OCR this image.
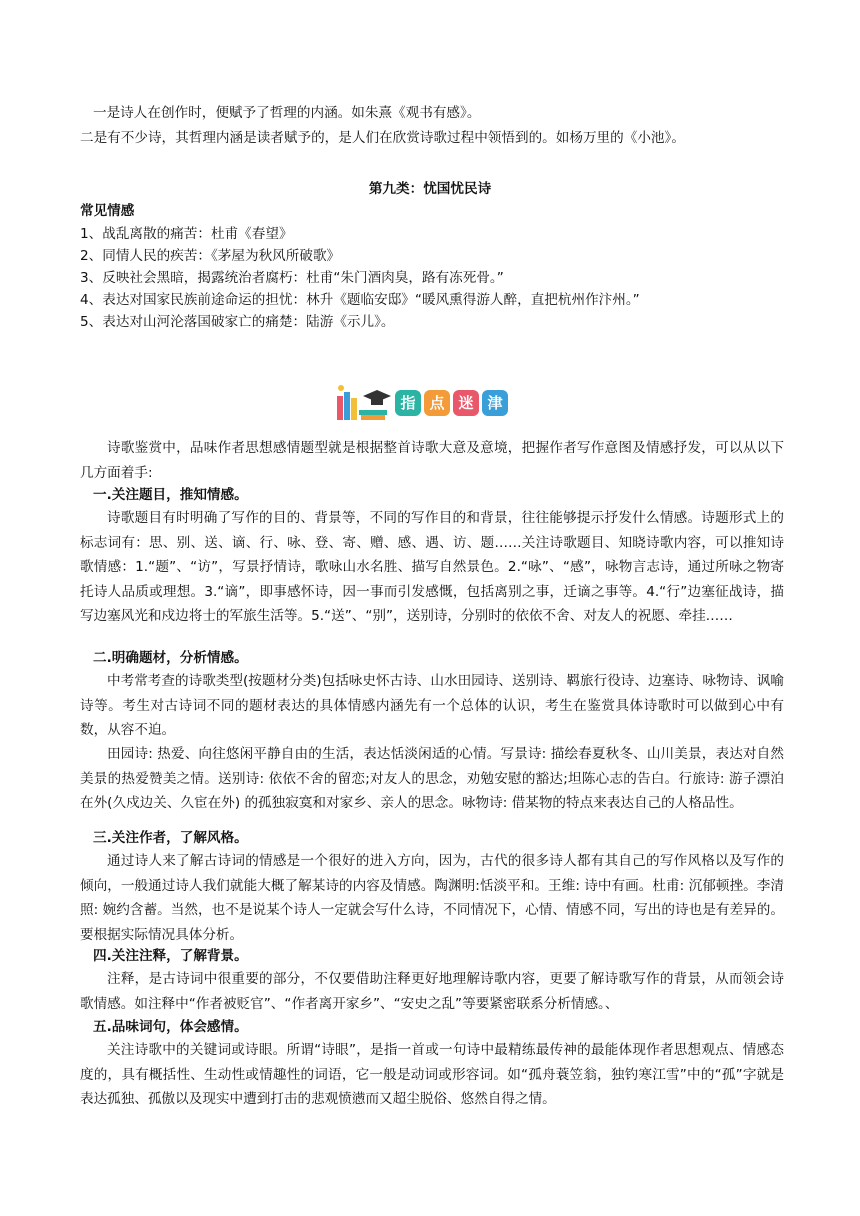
一是诗人在创作时，便赋予了哲理的内涵。如朱熹《观书有感》。
二是有不少诗，其哲理内涵是读者赋予的，是人们在欣赏诗歌过程中领悟到的。如杨万里的《小池》。
第九类：忧国忧民诗
常见情感
1、战乱离散的痛苦：杜甫《春望》
2、同情人民的疾苦：《茅屋为秋风所破歌》
3、反映社会黑暗，揭露统治者腐朽：杜甫“朱门酒肉臭，路有冻死骨。”
4、表达对国家民族前途命运的担忧：林升《题临安邸》“暖风熏得游人醉，直把杭州作汴州。”
5、表达对山河沦落国破家亡的痛楚：陆游《示儿》。
指 点 迷 津
诗歌鉴赏中，品味作者思想感情题型就是根据整首诗歌大意及意境，把握作者写作意图及情感抒发，可以从以下几方面着手:
一.关注题目，推知情感。
诗歌题目有时明确了写作的目的、背景等，不同的写作目的和背景，往往能够提示抒发什么情感。诗题形式上的标志词有：思、别、送、谪、行、咏、登、寄、赠、感、遇、访、题……关注诗歌题目、知晓诗歌内容，可以推知诗歌情感：1.“题”、“访”，写景抒情诗，歌咏山水名胜、描写自然景色。2.“咏”、“感”，咏物言志诗，通过所咏之物寄托诗人品质或理想。3.“谪”，即事感怀诗，因一事而引发感慨，包括离别之事，迁谪之事等。4.“行”边塞征战诗，描写边塞风光和戍边将士的军旅生活等。5.“送”、“别”，送别诗，分别时的依依不舍、对友人的祝愿、牵挂……
二.明确题材，分析情感。
中考常考查的诗歌类型(按题材分类)包括咏史怀古诗、山水田园诗、送别诗、羁旅行役诗、边塞诗、咏物诗、讽喻诗等。考生对古诗词不同的题材表达的具体情感内涵先有一个总体的认识，考生在鉴赏具体诗歌时可以做到心中有数，从容不迫。
田园诗: 热爱、向往悠闲平静自由的生活，表达恬淡闲适的心情。写景诗: 描绘春夏秋冬、山川美景，表达对自然美景的热爱赞美之情。送别诗: 依依不舍的留恋;对友人的思念，劝勉安慰的豁达;坦陈心志的告白。行旅诗: 游子漂泊在外(久戍边关、久宦在外) 的孤独寂寞和对家乡、亲人的思念。咏物诗: 借某物的特点来表达自己的人格品性。
三.关注作者，了解风格。
通过诗人来了解古诗词的情感是一个很好的进入方向，因为，古代的很多诗人都有其自己的写作风格以及写作的倾向，一般通过诗人我们就能大概了解某诗的内容及情感。陶渊明:恬淡平和。王维: 诗中有画。杜甫: 沉郁顿挫。李清照: 婉约含蓄。当然，也不是说某个诗人一定就会写什么诗，不同情况下，心情、情感不同，写出的诗也是有差异的。要根据实际情况具体分析。
四.关注注释，了解背景。
注释，是古诗词中很重要的部分，不仅要借助注释更好地理解诗歌内容，更要了解诗歌写作的背景，从而领会诗歌情感。如注释中“作者被贬官”、“作者离开家乡”、“安史之乱”等要紧密联系分析情感。、
五.品味词句，体会感情。
关注诗歌中的关键词或诗眼。所谓“诗眼”，是指一首或一句诗中最精练最传神的最能体现作者思想观点、情感态度的，具有概括性、生动性或情趣性的词语，它一般是动词或形容词。如“孤舟蓑笠翁，独钓寒江雪”中的“孤”字就是表达孤独、孤傲以及现实中遭到打击的悲观愤懑而又超尘脱俗、悠然自得之情。
